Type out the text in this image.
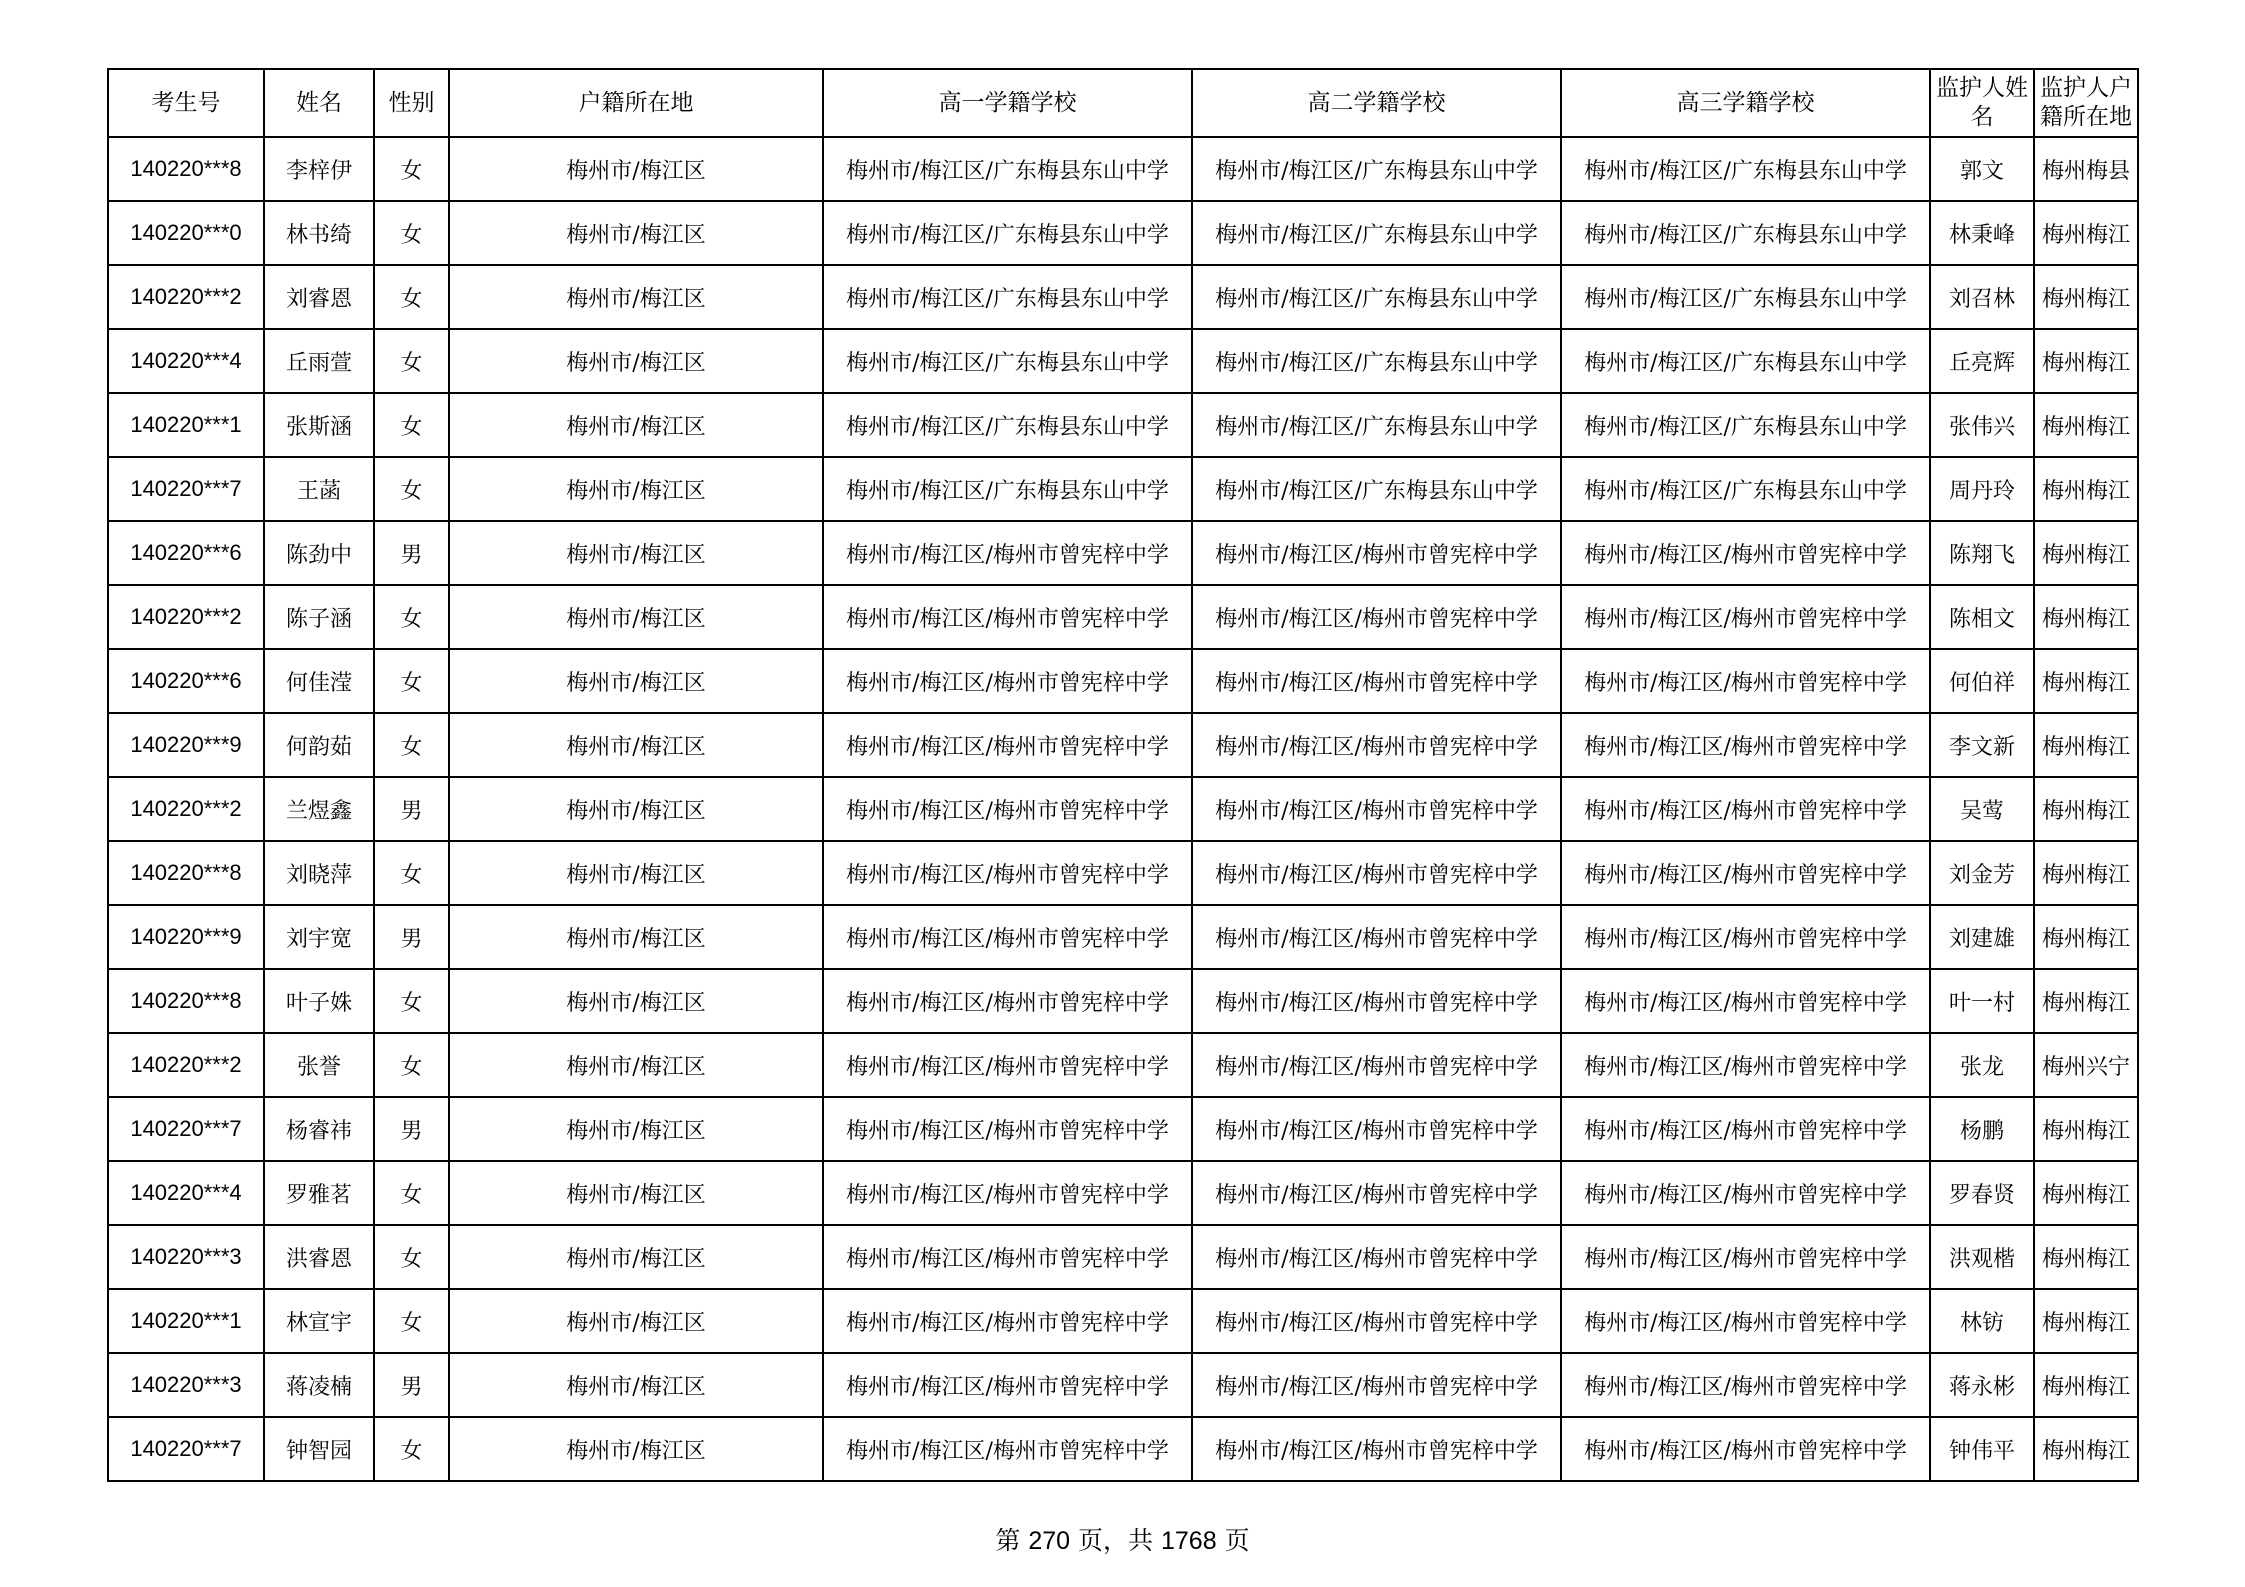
考生号	姓名	性别	户籍所在地	高一学籍学校	高二学籍学校	高三学籍学校	监护人姓名	监护人户籍所在地
140220***8	李梓伊	女	梅州市/梅江区	梅州市/梅江区/广东梅县东山中学	梅州市/梅江区/广东梅县东山中学	梅州市/梅江区/广东梅县东山中学	郭文	梅州梅县
140220***0	林书绮	女	梅州市/梅江区	梅州市/梅江区/广东梅县东山中学	梅州市/梅江区/广东梅县东山中学	梅州市/梅江区/广东梅县东山中学	林秉峰	梅州梅江
140220***2	刘睿恩	女	梅州市/梅江区	梅州市/梅江区/广东梅县东山中学	梅州市/梅江区/广东梅县东山中学	梅州市/梅江区/广东梅县东山中学	刘召林	梅州梅江
140220***4	丘雨萱	女	梅州市/梅江区	梅州市/梅江区/广东梅县东山中学	梅州市/梅江区/广东梅县东山中学	梅州市/梅江区/广东梅县东山中学	丘亮辉	梅州梅江
140220***1	张斯涵	女	梅州市/梅江区	梅州市/梅江区/广东梅县东山中学	梅州市/梅江区/广东梅县东山中学	梅州市/梅江区/广东梅县东山中学	张伟兴	梅州梅江
140220***7	王菡	女	梅州市/梅江区	梅州市/梅江区/广东梅县东山中学	梅州市/梅江区/广东梅县东山中学	梅州市/梅江区/广东梅县东山中学	周丹玲	梅州梅江
140220***6	陈劲中	男	梅州市/梅江区	梅州市/梅江区/梅州市曾宪梓中学	梅州市/梅江区/梅州市曾宪梓中学	梅州市/梅江区/梅州市曾宪梓中学	陈翔飞	梅州梅江
140220***2	陈子涵	女	梅州市/梅江区	梅州市/梅江区/梅州市曾宪梓中学	梅州市/梅江区/梅州市曾宪梓中学	梅州市/梅江区/梅州市曾宪梓中学	陈相文	梅州梅江
140220***6	何佳滢	女	梅州市/梅江区	梅州市/梅江区/梅州市曾宪梓中学	梅州市/梅江区/梅州市曾宪梓中学	梅州市/梅江区/梅州市曾宪梓中学	何伯祥	梅州梅江
140220***9	何韵茹	女	梅州市/梅江区	梅州市/梅江区/梅州市曾宪梓中学	梅州市/梅江区/梅州市曾宪梓中学	梅州市/梅江区/梅州市曾宪梓中学	李文新	梅州梅江
140220***2	兰煜鑫	男	梅州市/梅江区	梅州市/梅江区/梅州市曾宪梓中学	梅州市/梅江区/梅州市曾宪梓中学	梅州市/梅江区/梅州市曾宪梓中学	吴莺	梅州梅江
140220***8	刘晓萍	女	梅州市/梅江区	梅州市/梅江区/梅州市曾宪梓中学	梅州市/梅江区/梅州市曾宪梓中学	梅州市/梅江区/梅州市曾宪梓中学	刘金芳	梅州梅江
140220***9	刘宇宽	男	梅州市/梅江区	梅州市/梅江区/梅州市曾宪梓中学	梅州市/梅江区/梅州市曾宪梓中学	梅州市/梅江区/梅州市曾宪梓中学	刘建雄	梅州梅江
140220***8	叶子姝	女	梅州市/梅江区	梅州市/梅江区/梅州市曾宪梓中学	梅州市/梅江区/梅州市曾宪梓中学	梅州市/梅江区/梅州市曾宪梓中学	叶一村	梅州梅江
140220***2	张誉	女	梅州市/梅江区	梅州市/梅江区/梅州市曾宪梓中学	梅州市/梅江区/梅州市曾宪梓中学	梅州市/梅江区/梅州市曾宪梓中学	张龙	梅州兴宁
140220***7	杨睿祎	男	梅州市/梅江区	梅州市/梅江区/梅州市曾宪梓中学	梅州市/梅江区/梅州市曾宪梓中学	梅州市/梅江区/梅州市曾宪梓中学	杨鹏	梅州梅江
140220***4	罗雅茗	女	梅州市/梅江区	梅州市/梅江区/梅州市曾宪梓中学	梅州市/梅江区/梅州市曾宪梓中学	梅州市/梅江区/梅州市曾宪梓中学	罗春贤	梅州梅江
140220***3	洪睿恩	女	梅州市/梅江区	梅州市/梅江区/梅州市曾宪梓中学	梅州市/梅江区/梅州市曾宪梓中学	梅州市/梅江区/梅州市曾宪梓中学	洪观楷	梅州梅江
140220***1	林宣宇	女	梅州市/梅江区	梅州市/梅江区/梅州市曾宪梓中学	梅州市/梅江区/梅州市曾宪梓中学	梅州市/梅江区/梅州市曾宪梓中学	林钫	梅州梅江
140220***3	蒋凌楠	男	梅州市/梅江区	梅州市/梅江区/梅州市曾宪梓中学	梅州市/梅江区/梅州市曾宪梓中学	梅州市/梅江区/梅州市曾宪梓中学	蒋永彬	梅州梅江
140220***7	钟智园	女	梅州市/梅江区	梅州市/梅江区/梅州市曾宪梓中学	梅州市/梅江区/梅州市曾宪梓中学	梅州市/梅江区/梅州市曾宪梓中学	钟伟平	梅州梅江
第 270 页，共 1768 页
